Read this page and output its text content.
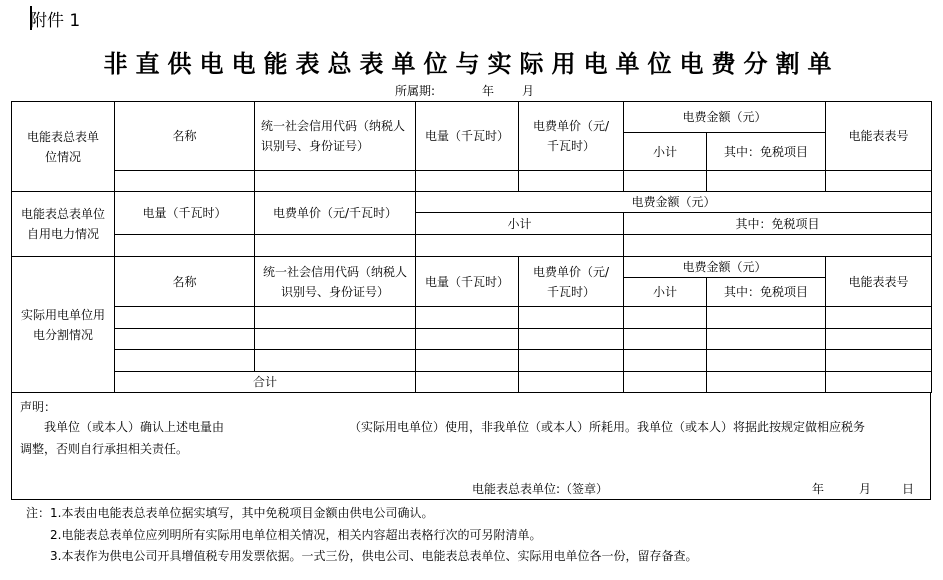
附件 1
非直供电电能表总表单位与实际用电单位电费分割单
所属期:	年 月
电能表总表单位情况	名称	统一社会信用代码（纳税人识别号、身份证号）	电量（千瓦时）	电费单价（元/千瓦时）	电费金额（元）		电能表表号
					小计	其中：免税项目	

电能表总表单位自用电力情况	电量（千瓦时）	电费单价（元/千瓦时）	电费金额（元）				
			小计		其中：免税项目		

实际用电单位用电分割情况	名称	统一社会信用代码（纳税人识别号、身份证号）	电量（千瓦时）	电费单价（元/千瓦时）	电费金额（元）		电能表表号
					小计	其中：免税项目	

	合计						
声明：
我单位（或本人）确认上述电量由	（实际用电单位）使用，非我单位（或本人）所耗用。我单位（或本人）将据此按规定做相应税务
调整，否则自行承担相关责任。
电能表总表单位:（签章）	年	月	日
注：1.本表由电能表总表单位据实填写，其中免税项目金额由供电公司确认。
2.电能表总表单位应列明所有实际用电单位相关情况，相关内容超出表格行次的可另附清单。
3.本表作为供电公司开具增值税专用发票依据。一式三份，供电公司、电能表总表单位、实际用电单位各一份，留存备查。
